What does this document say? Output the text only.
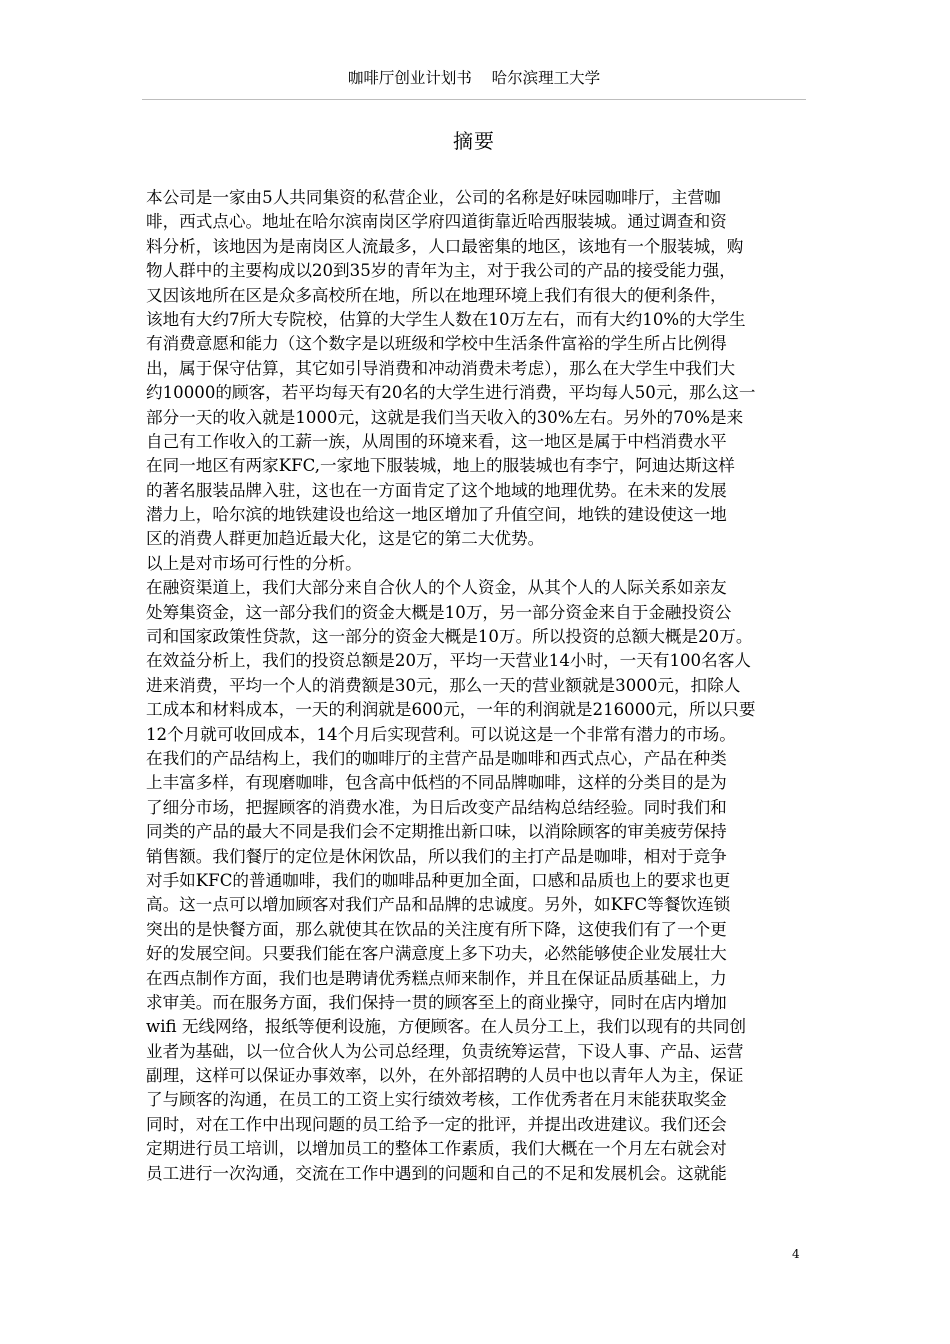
咖啡厅创业计划书    哈尔滨理工大学
摘要
本公司是一家由5人共同集资的私营企业，公司的名称是好味园咖啡厅，主营咖
啡，西式点心。地址在哈尔滨南岗区学府四道街靠近哈西服装城。通过调查和资
料分析，该地因为是南岗区人流最多，人口最密集的地区，该地有一个服装城，购
物人群中的主要构成以20到35岁的青年为主，对于我公司的产品的接受能力强，
又因该地所在区是众多高校所在地，所以在地理环境上我们有很大的便利条件，
该地有大约7所大专院校，估算的大学生人数在10万左右，而有大约10%的大学生
有消费意愿和能力（这个数字是以班级和学校中生活条件富裕的学生所占比例得
出，属于保守估算，其它如引导消费和冲动消费未考虑），那么在大学生中我们大
约10000的顾客，若平均每天有20名的大学生进行消费，平均每人50元，那么这一
部分一天的收入就是1000元，这就是我们当天收入的30%左右。另外的70%是来
自己有工作收入的工薪一族，从周围的环境来看，这一地区是属于中档消费水平
在同一地区有两家KFC,一家地下服装城，地上的服装城也有李宁，阿迪达斯这样
的著名服装品牌入驻，这也在一方面肯定了这个地域的地理优势。在未来的发展
潜力上，哈尔滨的地铁建设也给这一地区增加了升值空间，地铁的建设使这一地
区的消费人群更加趋近最大化，这是它的第二大优势。
以上是对市场可行性的分析。
在融资渠道上，我们大部分来自合伙人的个人资金，从其个人的人际关系如亲友
处筹集资金，这一部分我们的资金大概是10万，另一部分资金来自于金融投资公
司和国家政策性贷款，这一部分的资金大概是10万。所以投资的总额大概是20万。
在效益分析上，我们的投资总额是20万，平均一天营业14小时，一天有100名客人
进来消费，平均一个人的消费额是30元，那么一天的营业额就是3000元，扣除人
工成本和材料成本，一天的利润就是600元，一年的利润就是216000元，所以只要
12个月就可收回成本，14个月后实现营利。可以说这是一个非常有潜力的市场。
在我们的产品结构上，我们的咖啡厅的主营产品是咖啡和西式点心，产品在种类
上丰富多样，有现磨咖啡，包含高中低档的不同品牌咖啡，这样的分类目的是为
了细分市场，把握顾客的消费水准，为日后改变产品结构总结经验。同时我们和
同类的产品的最大不同是我们会不定期推出新口味，以消除顾客的审美疲劳保持
销售额。我们餐厅的定位是休闲饮品，所以我们的主打产品是咖啡，相对于竞争
对手如KFC的普通咖啡，我们的咖啡品种更加全面，口感和品质也上的要求也更
高。这一点可以增加顾客对我们产品和品牌的忠诚度。另外，如KFC等餐饮连锁
突出的是快餐方面，那么就使其在饮品的关注度有所下降，这使我们有了一个更
好的发展空间。只要我们能在客户满意度上多下功夫，必然能够使企业发展壮大
在西点制作方面，我们也是聘请优秀糕点师来制作，并且在保证品质基础上，力
求审美。而在服务方面，我们保持一贯的顾客至上的商业操守，同时在店内增加
wifi 无线网络，报纸等便利设施，方便顾客。在人员分工上，我们以现有的共同创
业者为基础，以一位合伙人为公司总经理，负责统筹运营，下设人事、产品、运营
副理，这样可以保证办事效率，以外，在外部招聘的人员中也以青年人为主，保证
了与顾客的沟通，在员工的工资上实行绩效考核，工作优秀者在月末能获取奖金
同时，对在工作中出现问题的员工给予一定的批评，并提出改进建议。我们还会
定期进行员工培训，以增加员工的整体工作素质，我们大概在一个月左右就会对
员工进行一次沟通，交流在工作中遇到的问题和自己的不足和发展机会。这就能
4
